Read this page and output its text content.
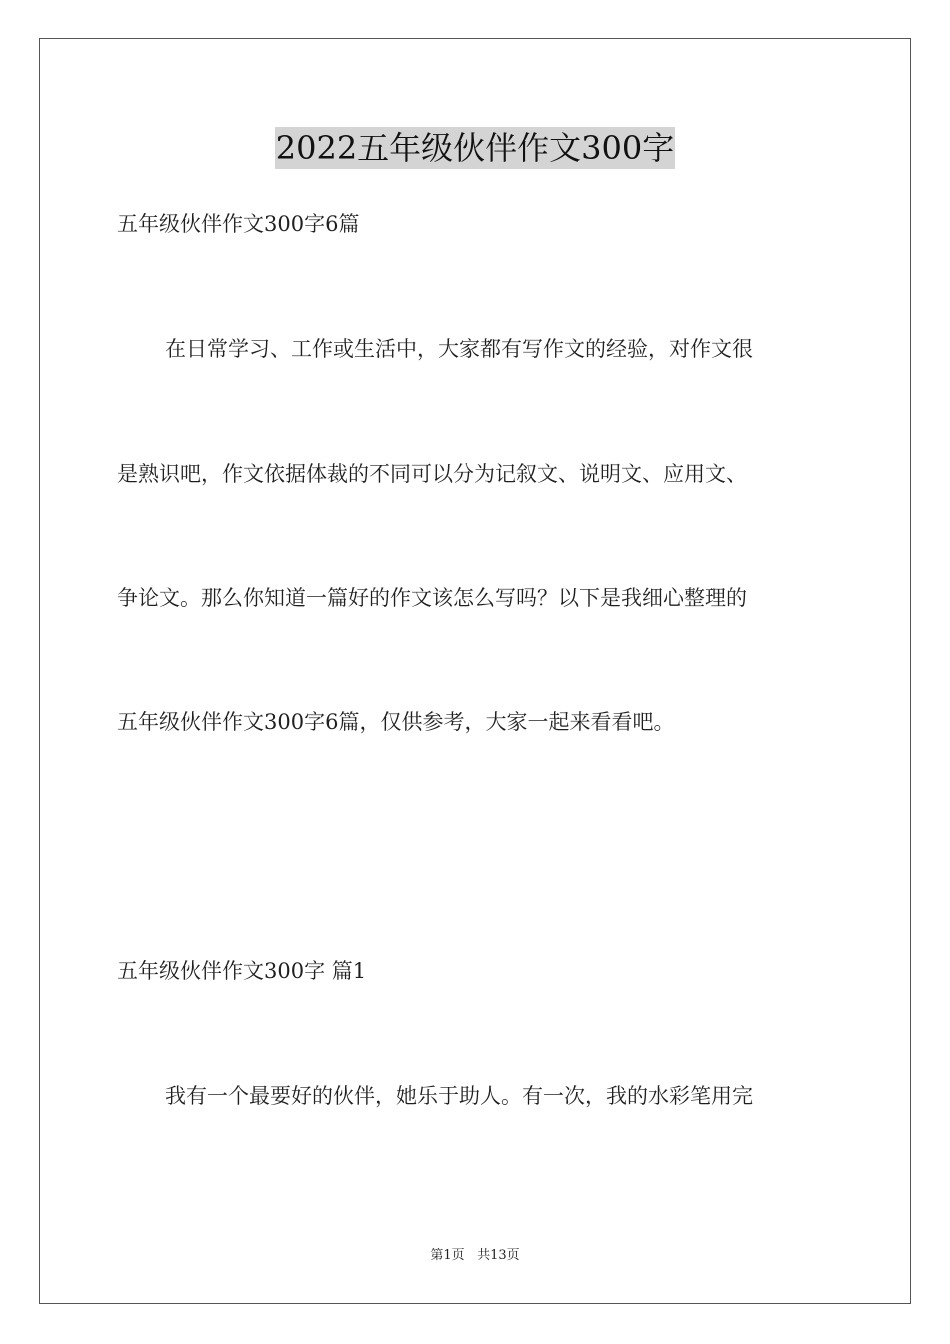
2022五年级伙伴作文300字
五年级伙伴作文300字6篇
在日常学习、工作或生活中，大家都有写作文的经验，对作文很
是熟识吧，作文依据体裁的不同可以分为记叙文、说明文、应用文、
争论文。那么你知道一篇好的作文该怎么写吗？以下是我细心整理的
五年级伙伴作文300字6篇，仅供参考，大家一起来看看吧。
五年级伙伴作文300字 篇1
我有一个最要好的伙伴，她乐于助人。有一次，我的水彩笔用完
第1页 共13页
